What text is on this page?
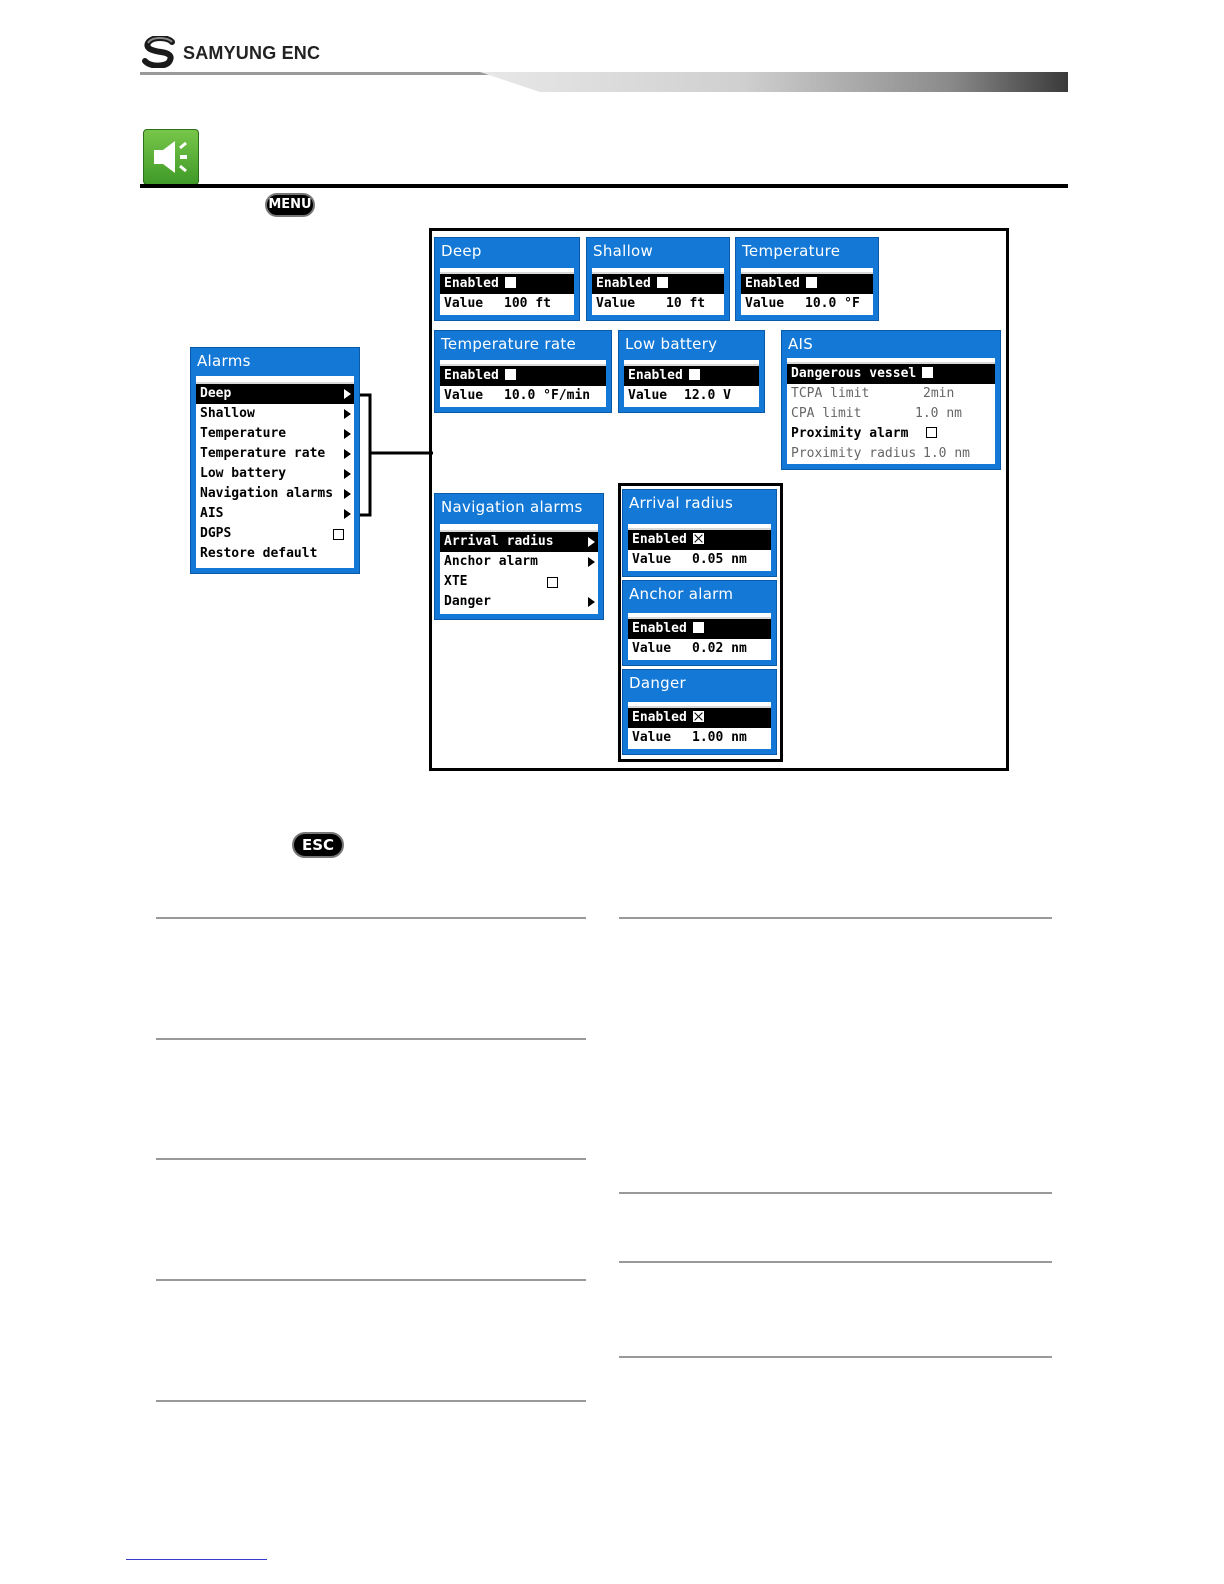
SAMYUNG ENC
MENU
Alarms
Deep
Shallow
Temperature
Temperature rate
Low battery
Navigation alarms
AIS
DGPS
Restore default
Deep
Enabled
Value 100 ft
Shallow
Enabled
Value 10 ft
Temperature
Enabled
Value 10.0 °F
Temperature rate
Enabled
Value 10.0 °F/min
Low battery
Enabled
Value 12.0 V
AIS
Dangerous vessel
TCPA limit	2min
CPA limit	1.0 nm
Proximity alarm
Proximity radius 1.0 nm
Navigation alarms
Arrival radius
Anchor alarm
XTE
Danger
Arrival radius
Enabled
Value 0.05 nm
Anchor alarm
Enabled
Value 0.02 nm
Danger
Enabled
Value 1.00 nm
ESC
